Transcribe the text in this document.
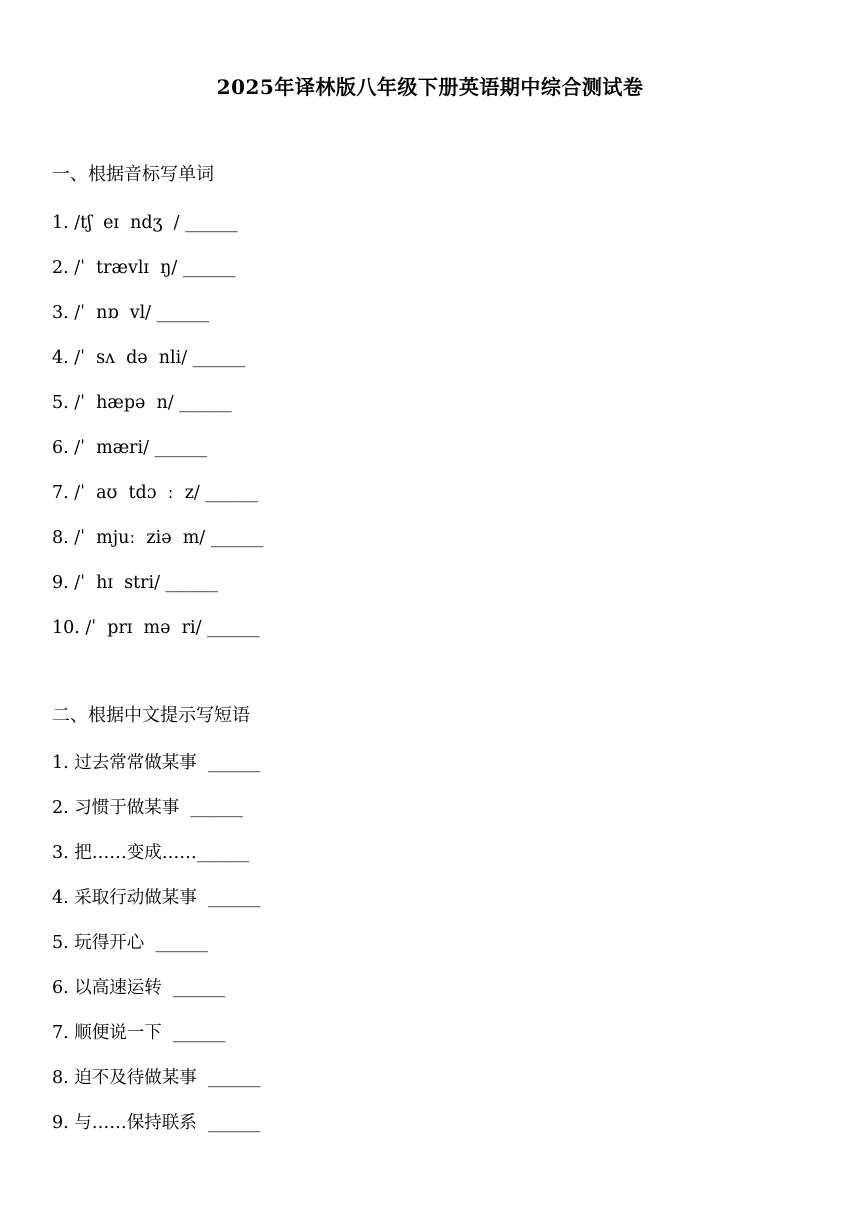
2025年译林版八年级下册英语期中综合测试卷
一、根据音标写单词
1. /tʃ  eɪ  ndʒ  / ______
2. /ˈ  trævlɪ  ŋ/ ______
3. /ˈ  nɒ  vl/ ______
4. /ˈ  sʌ  də  nli/ ______
5. /ˈ  hæpə  n/ ______
6. /ˈ  mæri/ ______
7. /ˈ  aʊ  tdɔ  ː  z/ ______
8. /ˈ  mjuː  ziə  m/ ______
9. /ˈ  hɪ  stri/ ______
10. /ˈ  prɪ  mə  ri/ ______
二、根据中文提示写短语
1. 过去常常做某事  ______
2. 习惯于做某事  ______
3. 把……变成……______
4. 采取行动做某事  ______
5. 玩得开心  ______
6. 以高速运转  ______
7. 顺便说一下  ______
8. 迫不及待做某事  ______
9. 与……保持联系  ______
